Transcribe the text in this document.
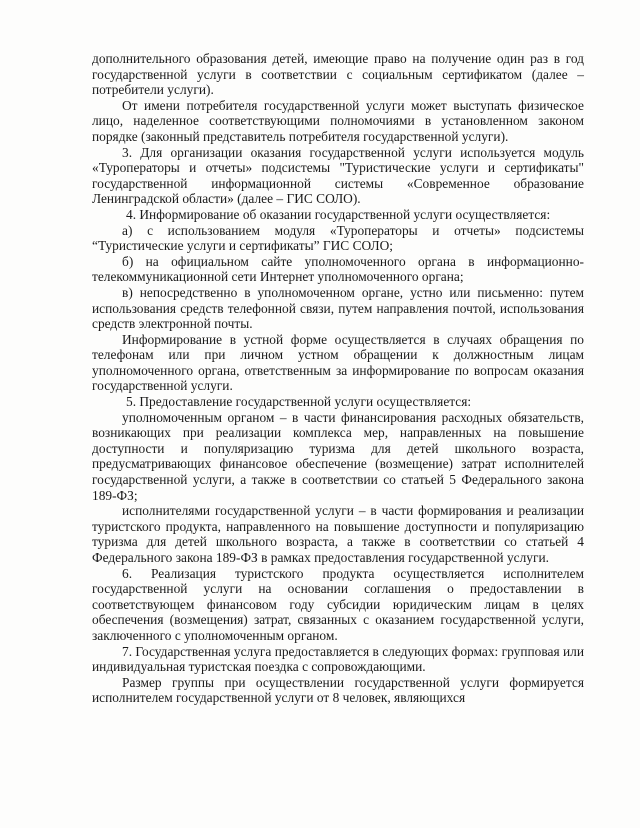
дополнительного образования детей, имеющие право на получение один раз в год государственной услуги в соответствии с социальным сертификатом (далее – потребители услуги).

От имени потребителя государственной услуги может выступать физическое лицо, наделенное соответствующими полномочиями в установленном законом порядке (законный представитель потребителя государственной услуги).

3. Для организации оказания государственной услуги используется модуль «Туроператоры и отчеты» подсистемы "Туристические услуги и сертификаты" государственной информационной системы «Современное образование Ленинградской области» (далее – ГИС СОЛО).

4. Информирование об оказании государственной услуги осуществляется:

а) с использованием модуля «Туроператоры и отчеты» подсистемы “Туристические услуги и сертификаты” ГИС СОЛО;

б) на официальном сайте уполномоченного органа в информационно-телекоммуникационной сети Интернет уполномоченного органа;

в) непосредственно в уполномоченном органе, устно или письменно: путем использования средств телефонной связи, путем направления почтой, использования средств электронной почты.

Информирование в устной форме осуществляется в случаях обращения по телефонам или при личном устном обращении к должностным лицам уполномоченного органа, ответственным за информирование по вопросам оказания государственной услуги.

5. Предоставление государственной услуги осуществляется:

уполномоченным органом – в части финансирования расходных обязательств, возникающих при реализации комплекса мер, направленных на повышение доступности и популяризацию туризма для детей школьного возраста, предусматривающих финансовое обеспечение (возмещение) затрат исполнителей государственной услуги, а также в соответствии со статьей 5 Федерального закона 189-ФЗ;

исполнителями государственной услуги – в части формирования и реализации туристского продукта, направленного на повышение доступности и популяризацию туризма для детей школьного возраста, а также в соответствии со статьей 4 Федерального закона 189-ФЗ в рамках предоставления государственной услуги.

6. Реализация туристского продукта осуществляется исполнителем государственной услуги на основании соглашения о предоставлении в соответствующем финансовом году субсидии юридическим лицам в целях обеспечения (возмещения) затрат, связанных с оказанием государственной услуги, заключенного с уполномоченным органом.

7. Государственная услуга предоставляется в следующих формах: групповая или индивидуальная туристская поездка с сопровождающими.

Размер группы при осуществлении государственной услуги формируется исполнителем государственной услуги от 8 человек, являющихся
